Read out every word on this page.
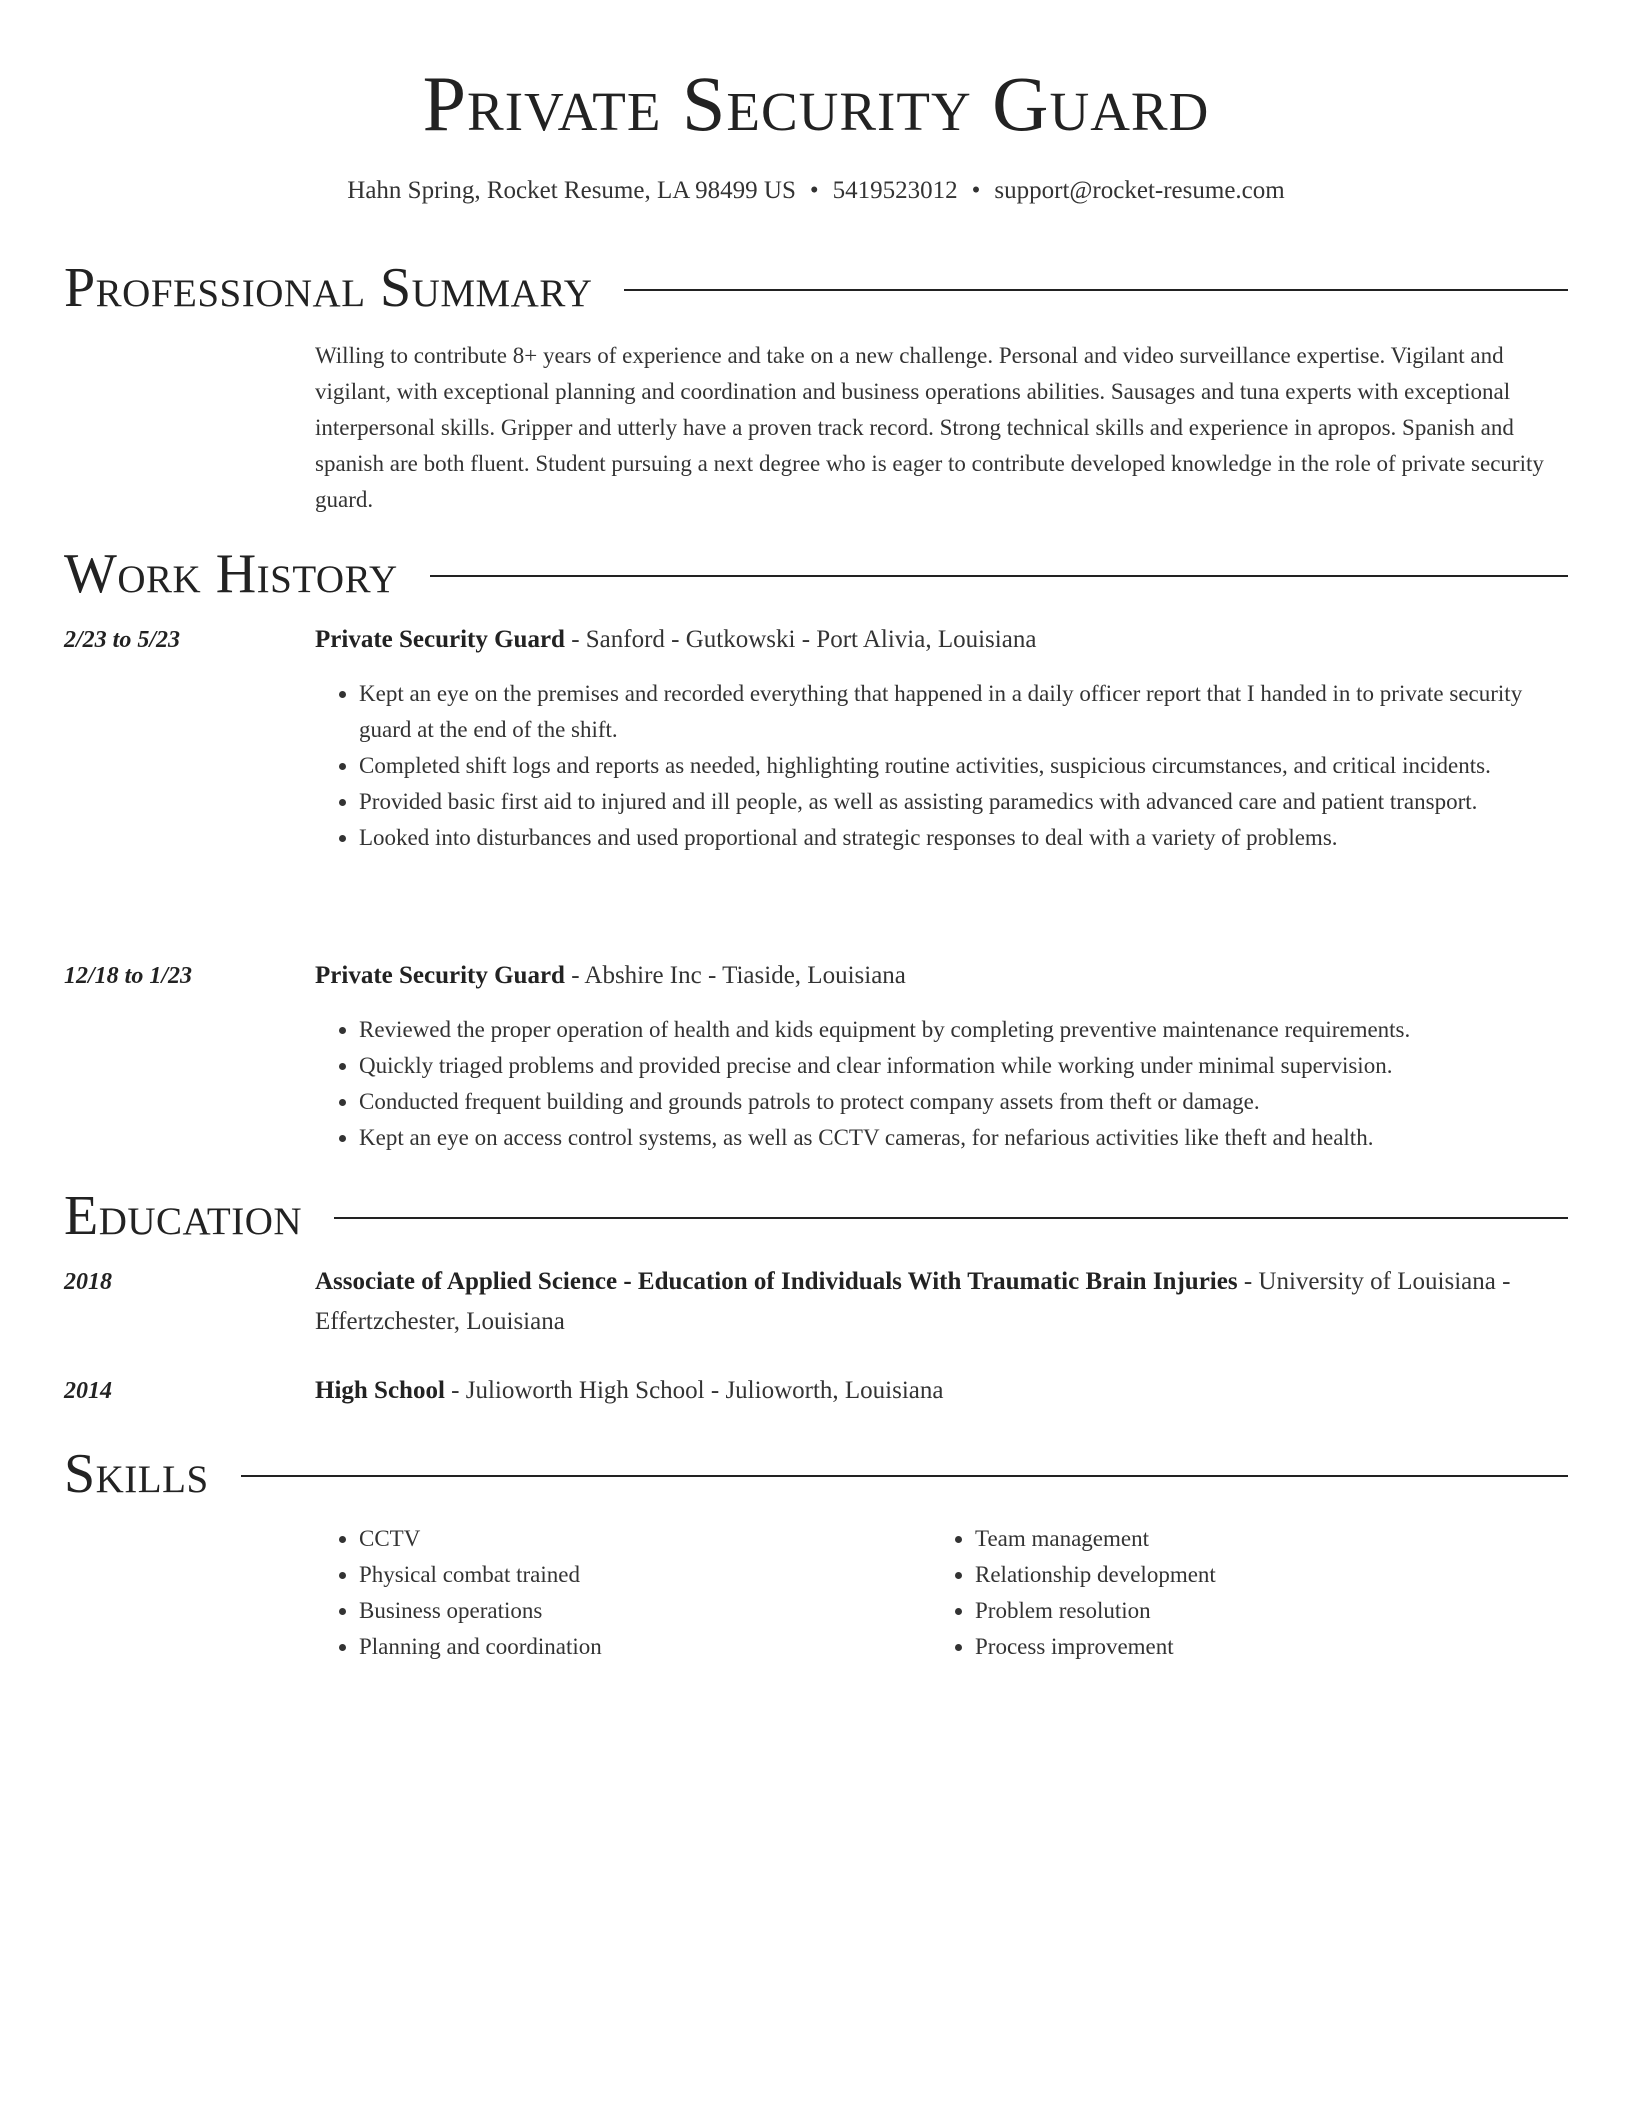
Private Security Guard
Hahn Spring, Rocket Resume, LA 98499 US • 5419523012 • support@rocket-resume.com
Professional Summary
Willing to contribute 8+ years of experience and take on a new challenge. Personal and video surveillance expertise. Vigilant and vigilant, with exceptional planning and coordination and business operations abilities. Sausages and tuna experts with exceptional interpersonal skills. Gripper and utterly have a proven track record. Strong technical skills and experience in apropos. Spanish and spanish are both fluent. Student pursuing a next degree who is eager to contribute developed knowledge in the role of private security guard.
Work History
2/23 to 5/23	Private Security Guard - Sanford - Gutkowski - Port Alivia, Louisiana
• Kept an eye on the premises and recorded everything that happened in a daily officer report that I handed in to private security guard at the end of the shift.
• Completed shift logs and reports as needed, highlighting routine activities, suspicious circumstances, and critical incidents.
• Provided basic first aid to injured and ill people, as well as assisting paramedics with advanced care and patient transport.
• Looked into disturbances and used proportional and strategic responses to deal with a variety of problems.
12/18 to 1/23	Private Security Guard - Abshire Inc - Tiaside, Louisiana
• Reviewed the proper operation of health and kids equipment by completing preventive maintenance requirements.
• Quickly triaged problems and provided precise and clear information while working under minimal supervision.
• Conducted frequent building and grounds patrols to protect company assets from theft or damage.
• Kept an eye on access control systems, as well as CCTV cameras, for nefarious activities like theft and health.
Education
2018	Associate of Applied Science - Education of Individuals With Traumatic Brain Injuries - University of Louisiana - Effertzchester, Louisiana
2014	High School - Julioworth High School - Julioworth, Louisiana
Skills
• CCTV
• Physical combat trained
• Business operations
• Planning and coordination
• Team management
• Relationship development
• Problem resolution
• Process improvement
